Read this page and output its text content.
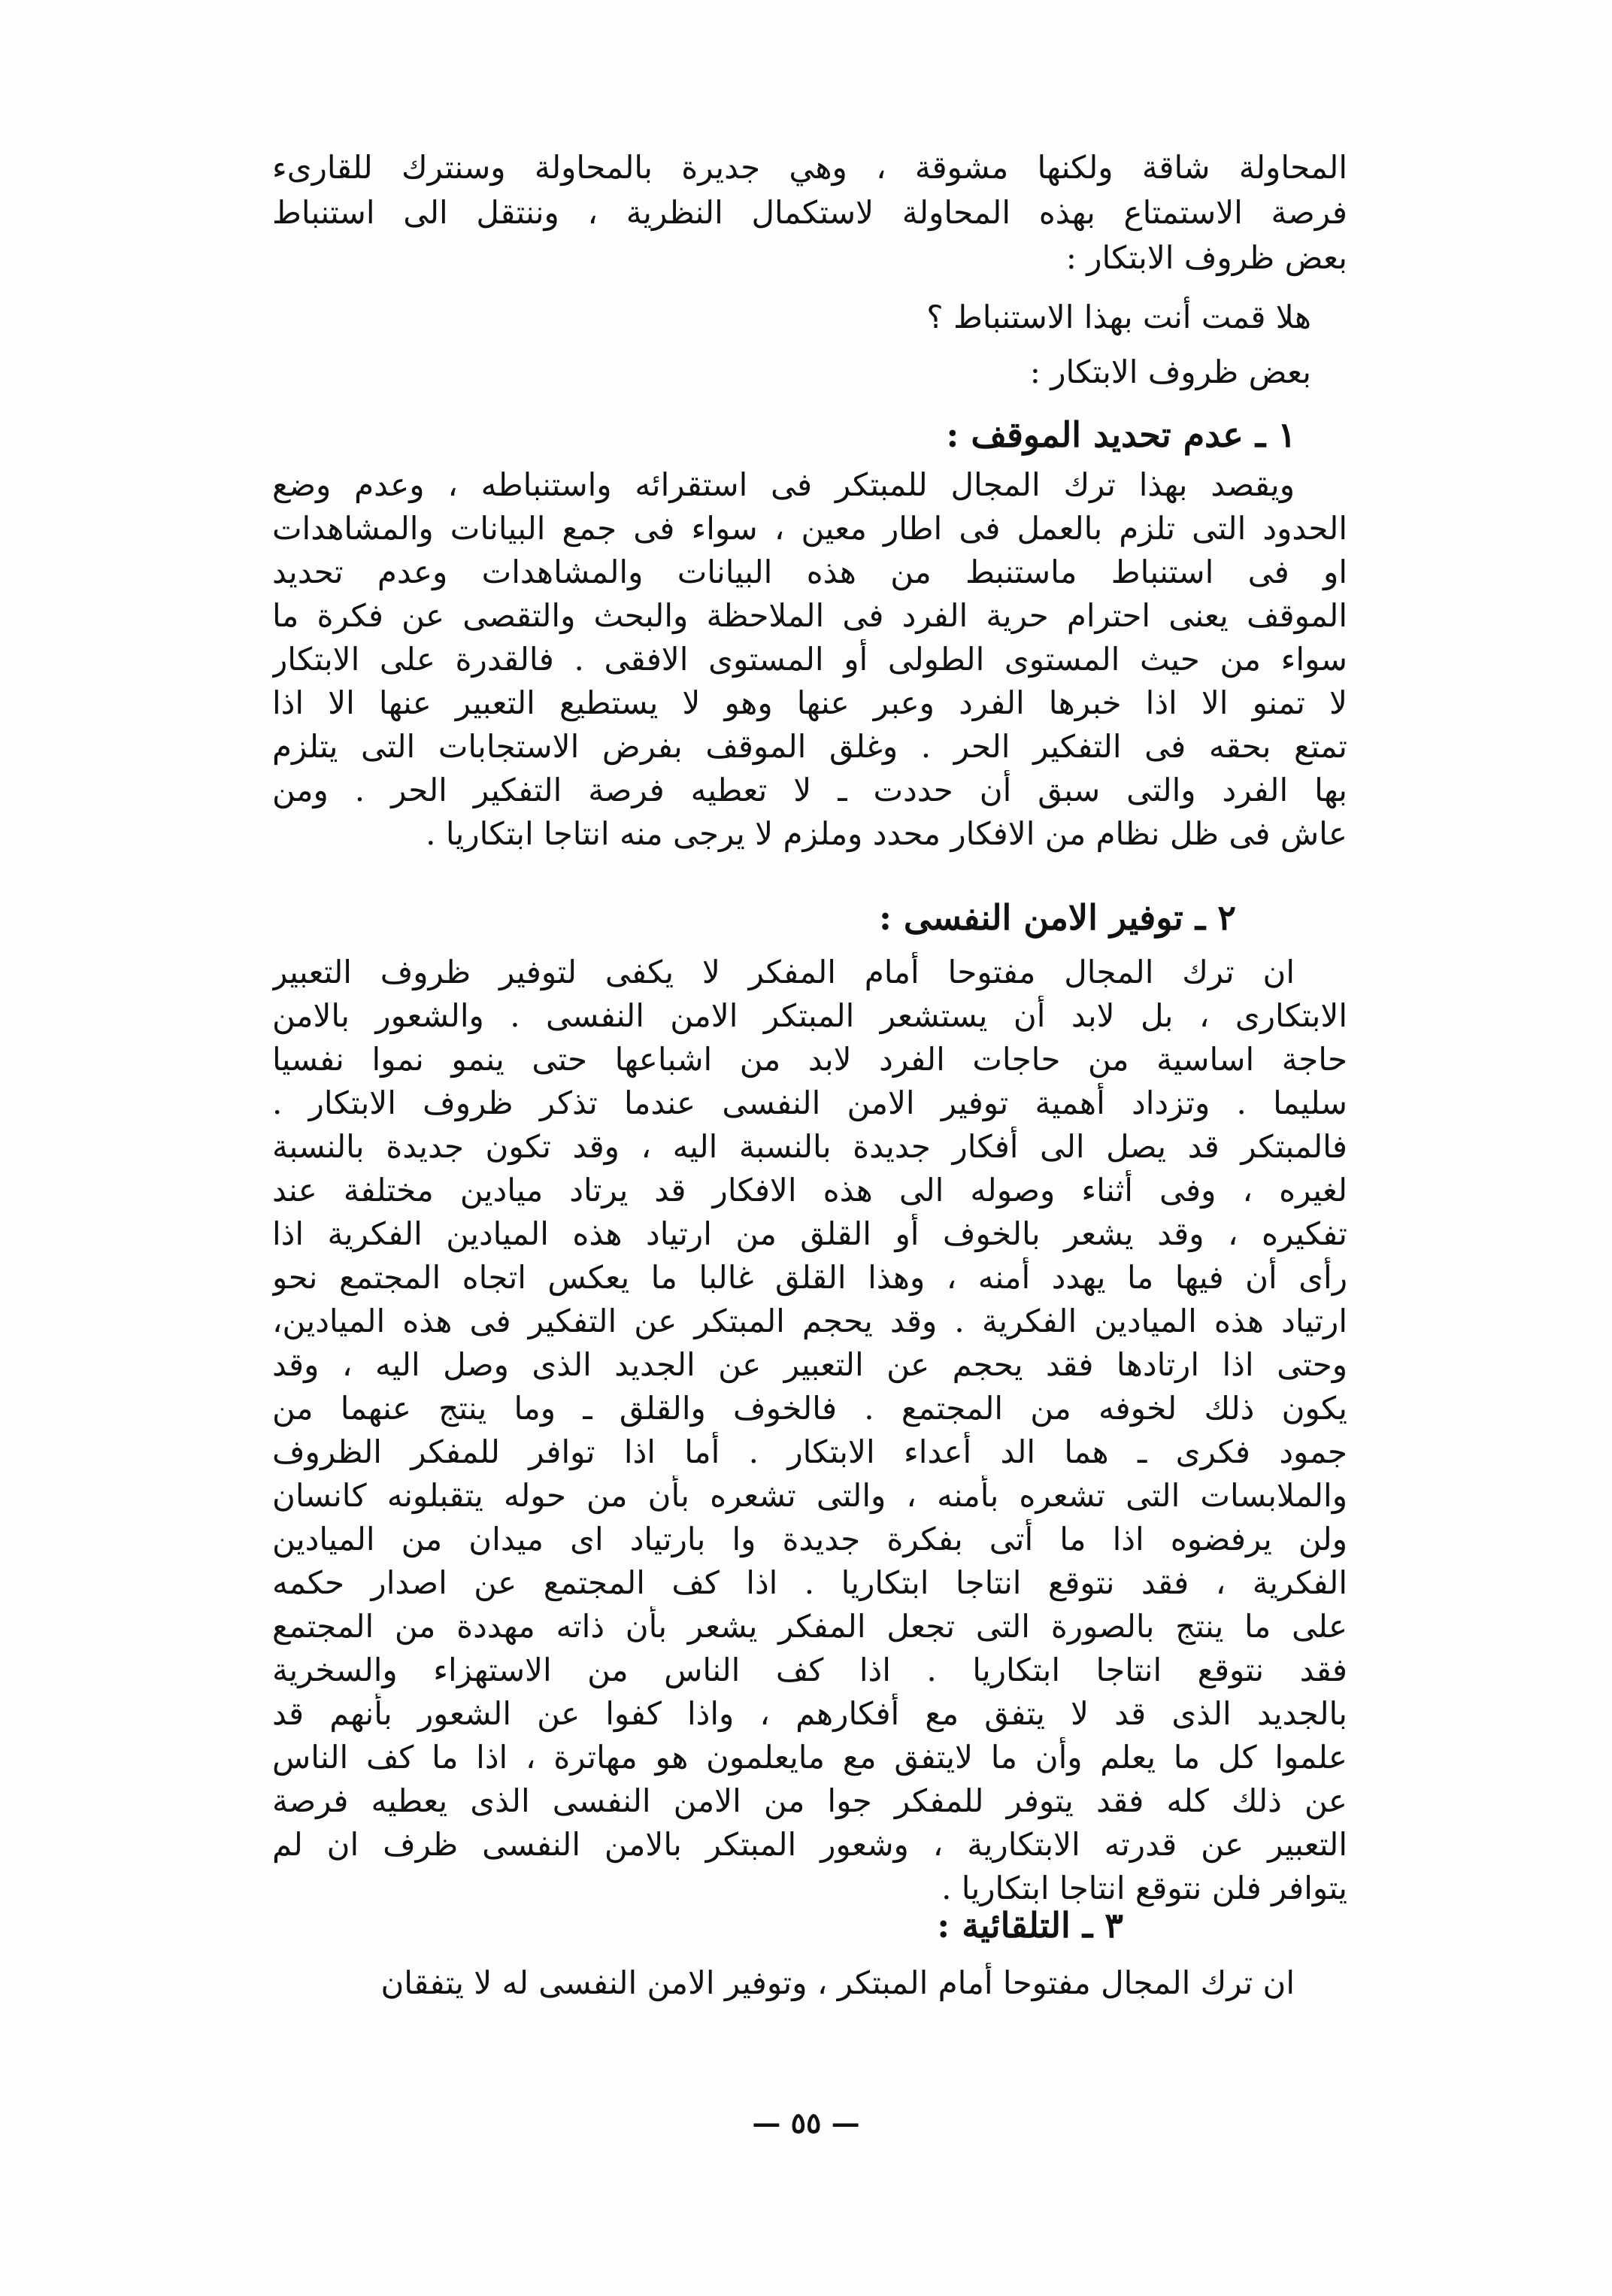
المحاولة شاقة ولكنها مشوقة ، وهي جديرة بالمحاولة وسنترك للقارىء
فرصة الاستمتاع بهذه المحاولة لاستكمال النظرية ، وننتقل الى استنباط
بعض ظروف الابتكار :
هلا قمت أنت بهذا الاستنباط ؟
بعض ظروف الابتكار :
١ ـ عدم تحديد الموقف :
ويقصد بهذا ترك المجال للمبتكر فى استقرائه واستنباطه ، وعدم وضع
الحدود التى تلزم بالعمل فى اطار معين ، سواء فى جمع البيانات والمشاهدات
او فى استنباط ماستنبط من هذه البيانات والمشاهدات وعدم تحديد
الموقف يعنى احترام حرية الفرد فى الملاحظة والبحث والتقصى عن فكرة ما
سواء من حيث المستوى الطولى أو المستوى الافقى . فالقدرة على الابتكار
لا تمنو الا اذا خبرها الفرد وعبر عنها وهو لا يستطيع التعبير عنها الا اذا
تمتع بحقه فى التفكير الحر . وغلق الموقف بفرض الاستجابات التى يتلزم
بها الفرد والتى سبق أن حددت ـ لا تعطيه فرصة التفكير الحر . ومن
عاش فى ظل نظام من الافكار محدد وملزم لا يرجى منه انتاجا ابتكاريا .
٢ ـ توفير الامن النفسى :
ان ترك المجال مفتوحا أمام المفكر لا يكفى لتوفير ظروف التعبير
الابتكارى ، بل لابد أن يستشعر المبتكر الامن النفسى . والشعور بالامن
حاجة اساسية من حاجات الفرد لابد من اشباعها حتى ينمو نموا نفسيا
سليما . وتزداد أهمية توفير الامن النفسى عندما تذكر ظروف الابتكار .
فالمبتكر قد يصل الى أفكار جديدة بالنسبة اليه ، وقد تكون جديدة بالنسبة
لغيره ، وفى أثناء وصوله الى هذه الافكار قد يرتاد ميادين مختلفة عند
تفكيره ، وقد يشعر بالخوف أو القلق من ارتياد هذه الميادين الفكرية اذا
رأى أن فيها ما يهدد أمنه ، وهذا القلق غالبا ما يعكس اتجاه المجتمع نحو
ارتياد هذه الميادين الفكرية . وقد يحجم المبتكر عن التفكير فى هذه الميادين،
وحتى اذا ارتادها فقد يحجم عن التعبير عن الجديد الذى وصل اليه ، وقد
يكون ذلك لخوفه من المجتمع . فالخوف والقلق ـ وما ينتج عنهما من
جمود فكرى ـ هما الد أعداء الابتكار . أما اذا توافر للمفكر الظروف
والملابسات التى تشعره بأمنه ، والتى تشعره بأن من حوله يتقبلونه كانسان
ولن يرفضوه اذا ما أتى بفكرة جديدة وا بارتياد اى ميدان من الميادين
الفكرية ، فقد نتوقع انتاجا ابتكاريا . اذا كف المجتمع عن اصدار حكمه
على ما ينتج بالصورة التى تجعل المفكر يشعر بأن ذاته مهددة من المجتمع
فقد نتوقع انتاجا ابتكاريا . اذا كف الناس من الاستهزاء والسخرية
بالجديد الذى قد لا يتفق مع أفكارهم ، واذا كفوا عن الشعور بأنهم قد
علموا كل ما يعلم وأن ما لايتفق مع مايعلمون هو مهاترة ، اذا ما كف الناس
عن ذلك كله فقد يتوفر للمفكر جوا من الامن النفسى الذى يعطيه فرصة
التعبير عن قدرته الابتكارية ، وشعور المبتكر بالامن النفسى ظرف ان لم
يتوافر فلن نتوقع انتاجا ابتكاريا .
٣ ـ التلقائية :
ان ترك المجال مفتوحا أمام المبتكر ، وتوفير الامن النفسى له لا يتفقان
— ٥٥ —
